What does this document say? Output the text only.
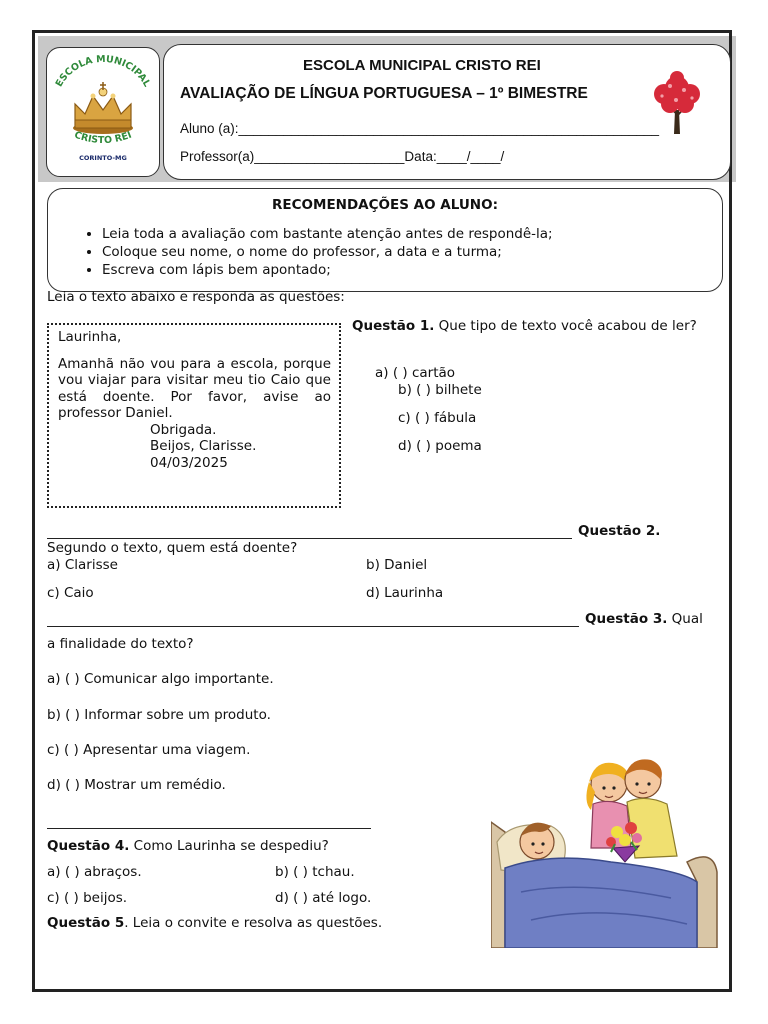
ESCOLA MUNICIPAL
CRISTO REI
CORINTO-MG
ESCOLA MUNICIPAL CRISTO REI
AVALIAÇÃO DE LÍNGUA PORTUGUESA – 1º BIMESTRE
Aluno (a):________________________________________________________
Professor(a)____________________Data:____/____/
RECOMENDAÇÕES AO ALUNO:
• Leia toda a avaliação com bastante atenção antes de respondê-la;
• Coloque seu nome, o nome do professor, a data e a turma;
• Escreva com lápis bem apontado;
Leia o texto abaixo e responda as questões:

Laurinha,

Amanhã não vou para a escola, porque vou viajar para visitar meu tio Caio que está doente. Por favor, avise ao professor Daniel.

Obrigada.

Beijos, Clarisse.

04/03/2025

Questão 1. Que tipo de texto você acabou de ler?
a) ( ) cartão
b) ( ) bilhete
c) ( ) fábula
d) ( ) poema
Questão 2.
Segundo o texto, quem está doente?
a) Clarisse	b) Daniel
c) Caio	d) Laurinha
Questão 3. Qual
a finalidade do texto?
a) ( ) Comunicar algo importante.
b) ( ) Informar sobre um produto.
c) ( ) Apresentar uma viagem.
d) ( ) Mostrar um remédio.
Questão 4. Como Laurinha se despediu?
a) ( ) abraços.	b) ( ) tchau.
c) ( ) beijos.	d) ( ) até logo.
Questão 5. Leia o convite e resolva as questões.
